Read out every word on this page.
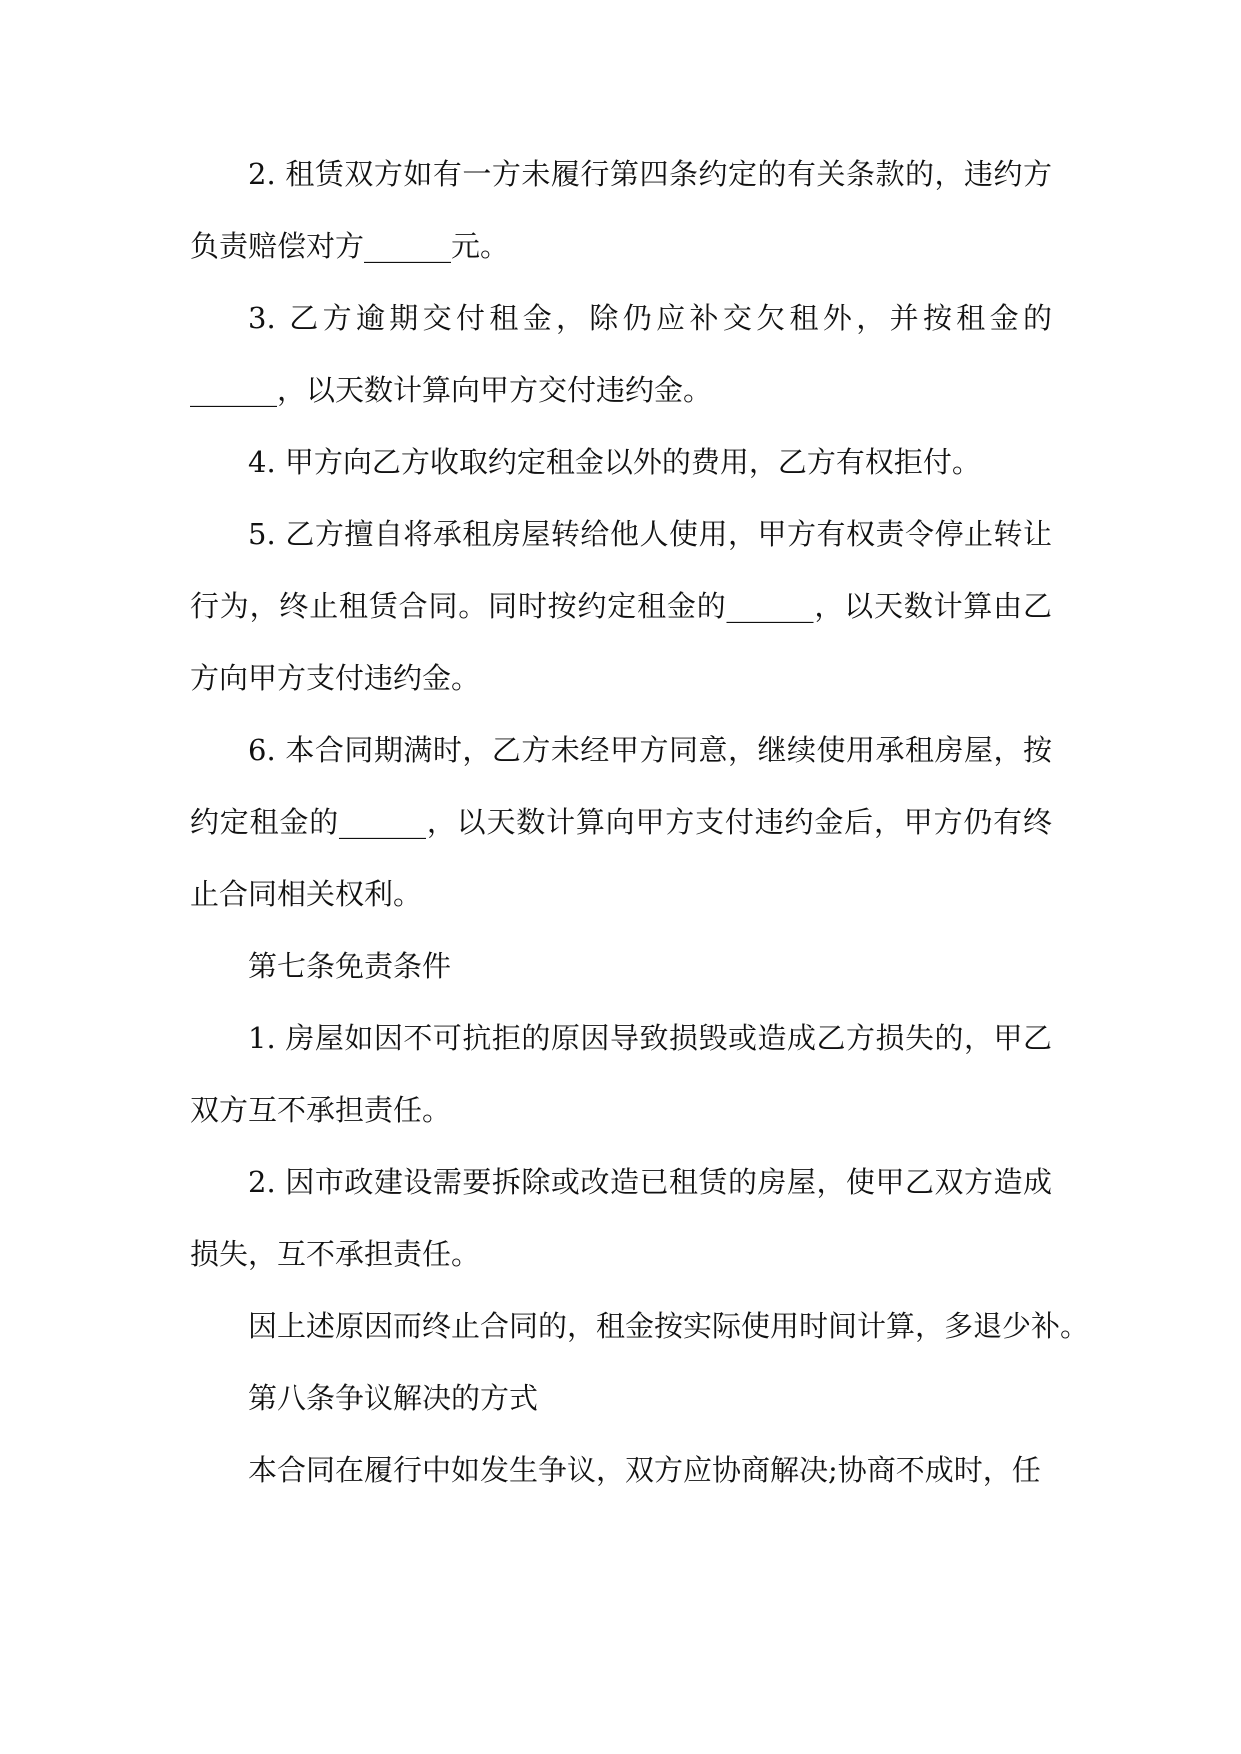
2. 租赁双方如有一方未履行第四条约定的有关条款的，违约方负责赔偿对方______元。

3. 乙方逾期交付租金，除仍应补交欠租外，并按租金的______，以天数计算向甲方交付违约金。

4. 甲方向乙方收取约定租金以外的费用，乙方有权拒付。

5. 乙方擅自将承租房屋转给他人使用，甲方有权责令停止转让行为，终止租赁合同。同时按约定租金的______，以天数计算由乙方向甲方支付违约金。

6. 本合同期满时，乙方未经甲方同意，继续使用承租房屋，按约定租金的______，以天数计算向甲方支付违约金后，甲方仍有终止合同相关权利。

第七条免责条件

1. 房屋如因不可抗拒的原因导致损毁或造成乙方损失的，甲乙双方互不承担责任。

2. 因市政建设需要拆除或改造已租赁的房屋，使甲乙双方造成损失，互不承担责任。

因上述原因而终止合同的，租金按实际使用时间计算，多退少补。

第八条争议解决的方式

本合同在履行中如发生争议，双方应协商解决;协商不成时，任
